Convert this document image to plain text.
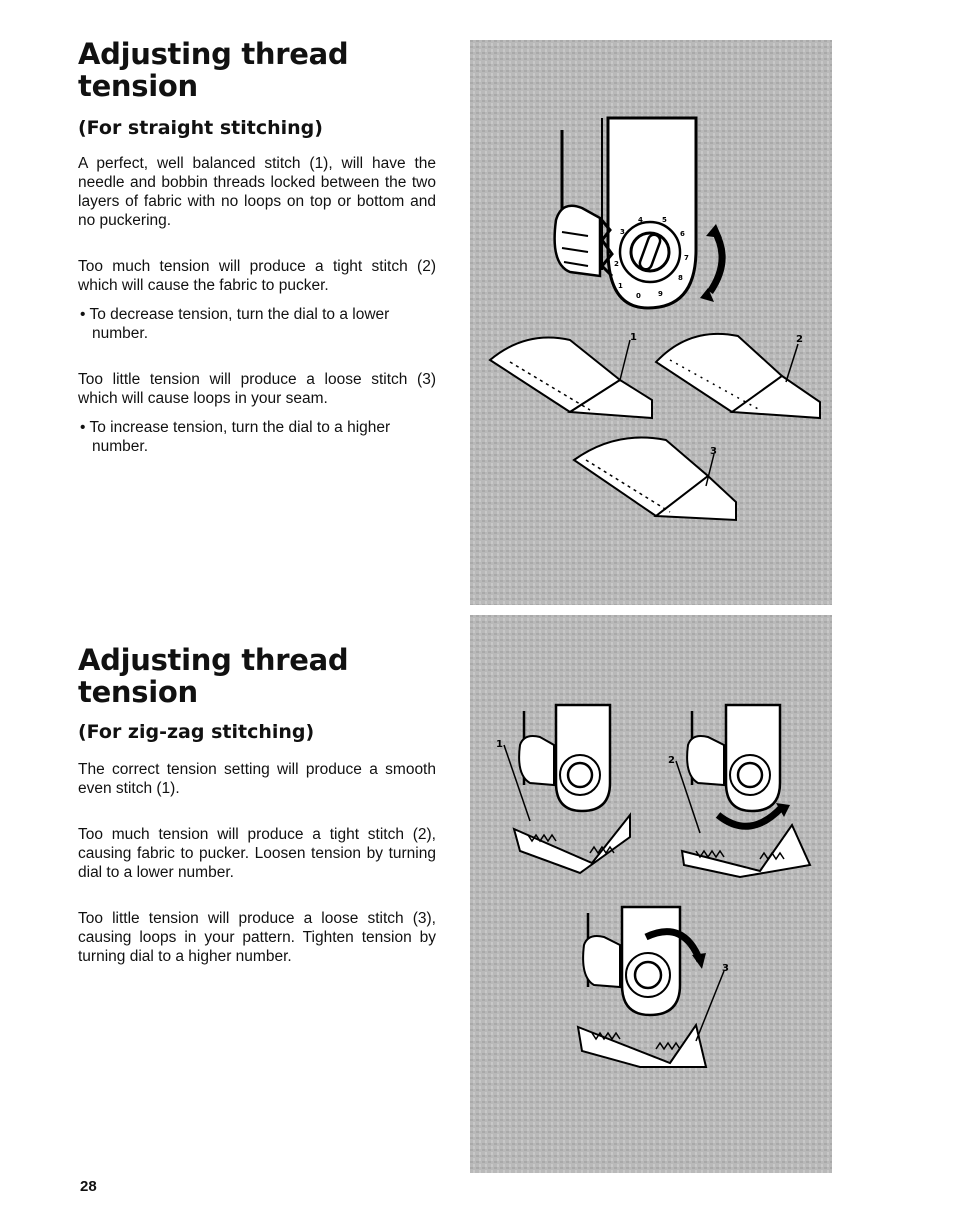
Adjusting thread tension
(For straight stitching)

A perfect, well balanced stitch (1), will have the needle and bobbin threads locked between the two layers of fabric with no loops on top or bottom and no puckering.

Too much tension will produce a tight stitch (2) which will cause the fabric to pucker.

• To decrease tension, turn the dial to a lower number.

Too little tension will produce a loose stitch (3) which will cause loops in your seam.

• To increase tension, turn the dial to a higher number.

Adjusting thread tension
(For zig-zag stitching)

The correct tension setting will produce a smooth even stitch (1).

Too much tension will produce a tight stitch (2), causing fabric to pucker. Loosen tension by turning dial to a lower number.

Too little tension will produce a loose stitch (3), causing loops in your pattern. Tighten tension by turning dial to a higher number.

1
2
3
4	5
6
7
8
9
0
1	2
3
1
2
3
28
